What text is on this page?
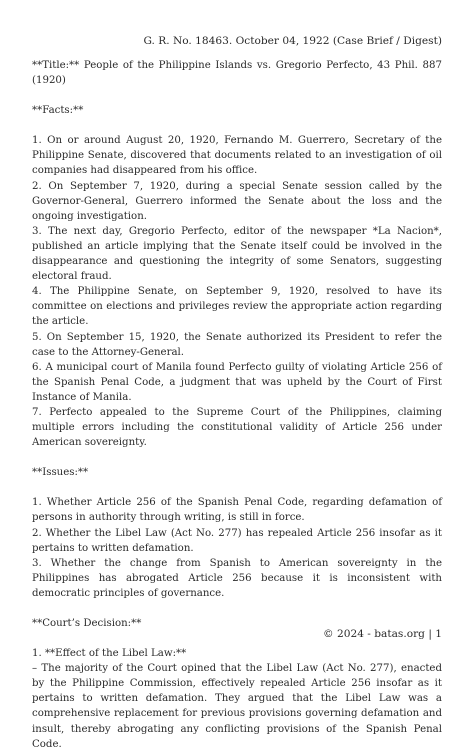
G. R. No. 18463. October 04, 1922 (Case Brief / Digest)

**Title:** People of the Philippine Islands vs. Gregorio Perfecto, 43 Phil. 887 (1920)

**Facts:**

1. On or around August 20, 1920, Fernando M. Guerrero, Secretary of the Philippine Senate, discovered that documents related to an investigation of oil companies had disappeared from his office.

2. On September 7, 1920, during a special Senate session called by the Governor-General, Guerrero informed the Senate about the loss and the ongoing investigation.

3. The next day, Gregorio Perfecto, editor of the newspaper *La Nacion*, published an article implying that the Senate itself could be involved in the disappearance and questioning the integrity of some Senators, suggesting electoral fraud.

4. The Philippine Senate, on September 9, 1920, resolved to have its committee on elections and privileges review the appropriate action regarding the article.

5. On September 15, 1920, the Senate authorized its President to refer the case to the Attorney-General.

6. A municipal court of Manila found Perfecto guilty of violating Article 256 of the Spanish Penal Code, a judgment that was upheld by the Court of First Instance of Manila.

7. Perfecto appealed to the Supreme Court of the Philippines, claiming multiple errors including the constitutional validity of Article 256 under American sovereignty.

**Issues:**

1. Whether Article 256 of the Spanish Penal Code, regarding defamation of persons in authority through writing, is still in force.

2. Whether the Libel Law (Act No. 277) has repealed Article 256 insofar as it pertains to written defamation.

3. Whether the change from Spanish to American sovereignty in the Philippines has abrogated Article 256 because it is inconsistent with democratic principles of governance.

**Court’s Decision:**

1. **Effect of the Libel Law:**

– The majority of the Court opined that the Libel Law (Act No. 277), enacted by the Philippine Commission, effectively repealed Article 256 insofar as it pertains to written defamation. They argued that the Libel Law was a comprehensive replacement for previous provisions governing defamation and insult, thereby abrogating any conflicting provisions of the Spanish Penal Code.

© 2024 - batas.org | 1
